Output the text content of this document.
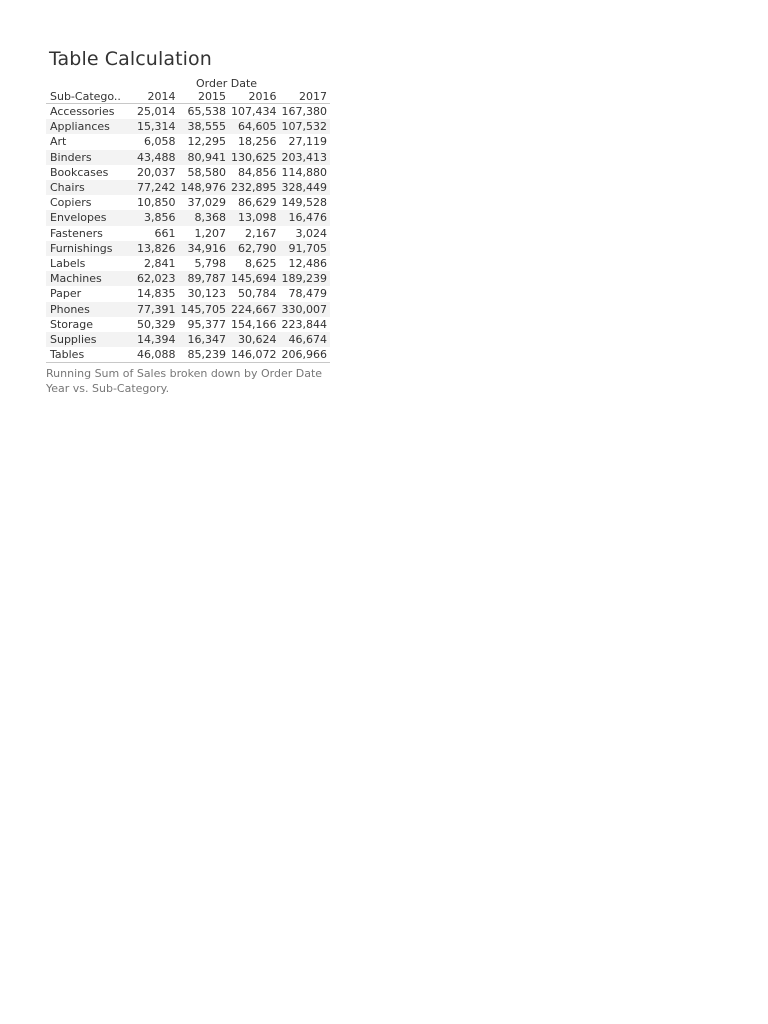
Table Calculation
Order Date
Sub-Catego..	2014	2015	2016	2017
Accessories	25,014	65,538	107,434	167,380
Appliances	15,314	38,555	64,605	107,532
Art	6,058	12,295	18,256	27,119
Binders	43,488	80,941	130,625	203,413
Bookcases	20,037	58,580	84,856	114,880
Chairs	77,242	148,976	232,895	328,449
Copiers	10,850	37,029	86,629	149,528
Envelopes	3,856	8,368	13,098	16,476
Fasteners	661	1,207	2,167	3,024
Furnishings	13,826	34,916	62,790	91,705
Labels	2,841	5,798	8,625	12,486
Machines	62,023	89,787	145,694	189,239
Paper	14,835	30,123	50,784	78,479
Phones	77,391	145,705	224,667	330,007
Storage	50,329	95,377	154,166	223,844
Supplies	14,394	16,347	30,624	46,674
Tables	46,088	85,239	146,072	206,966
Running Sum of Sales broken down by Order Date Year vs. Sub-Category.
